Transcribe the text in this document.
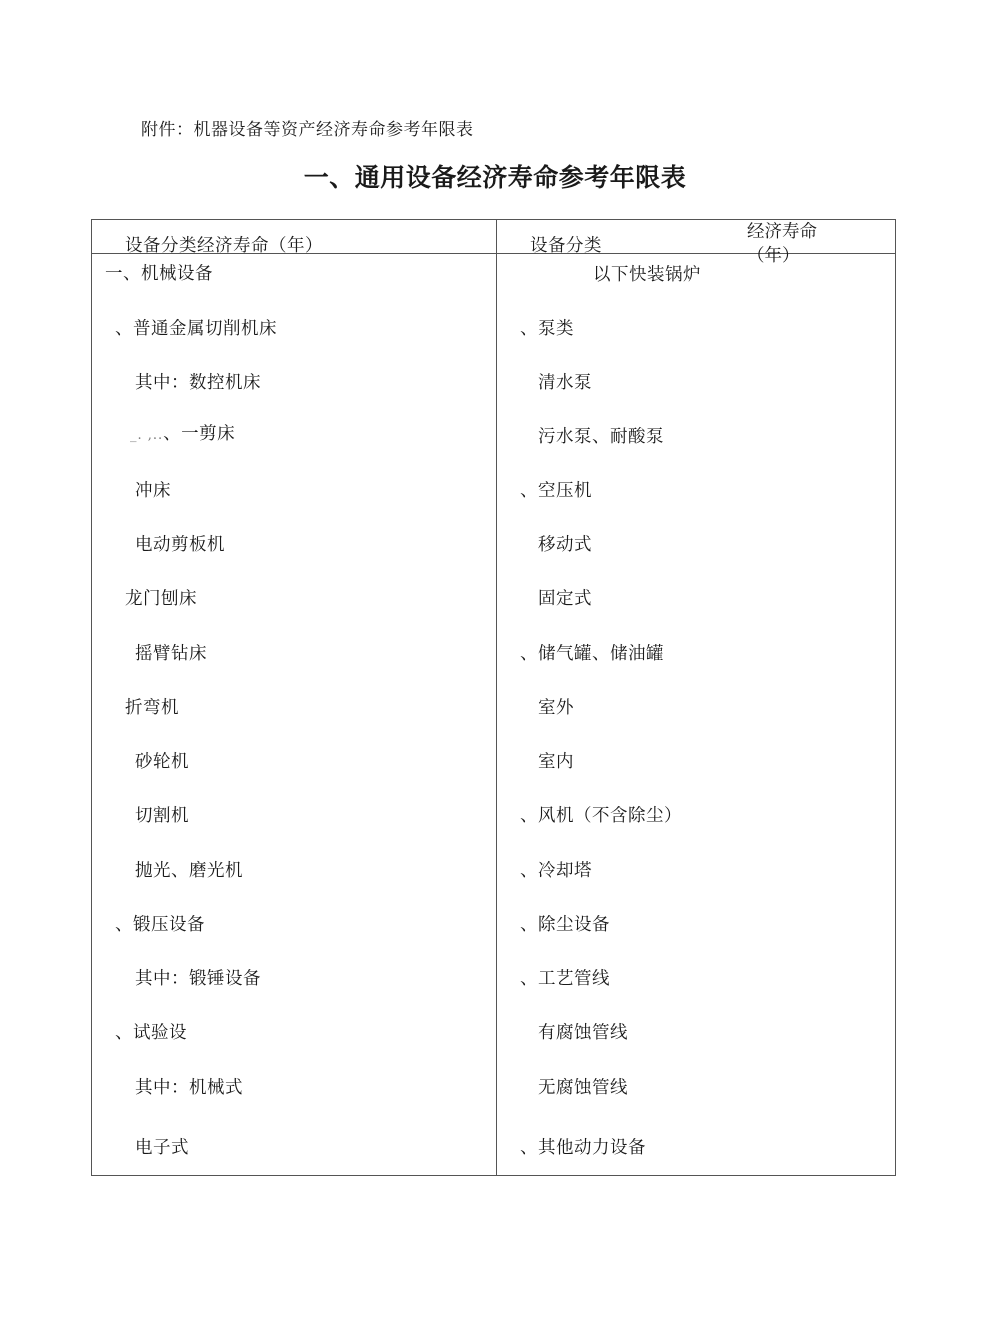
附件：机器设备等资产经济寿命参考年限表
一、通用设备经济寿命参考年限表
设备分类经济寿命（年）	设备分类
经济寿命
（年）
一、机械设备
、普通金属切削机床
其中：数控机床
_. ,..、一剪床
冲床
电动剪板机
龙门刨床
摇臂钻床
折弯机
砂轮机
切割机
抛光、磨光机
、锻压设备
其中：锻锤设备
、试验设
其中：机械式
电子式
以下快装锅炉
、泵类
清水泵
污水泵、耐酸泵
、空压机
移动式
固定式
、储气罐、储油罐
室外
室内
、风机（不含除尘）
、冷却塔
、除尘设备
、工艺管线
有腐蚀管线
无腐蚀管线
、其他动力设备
